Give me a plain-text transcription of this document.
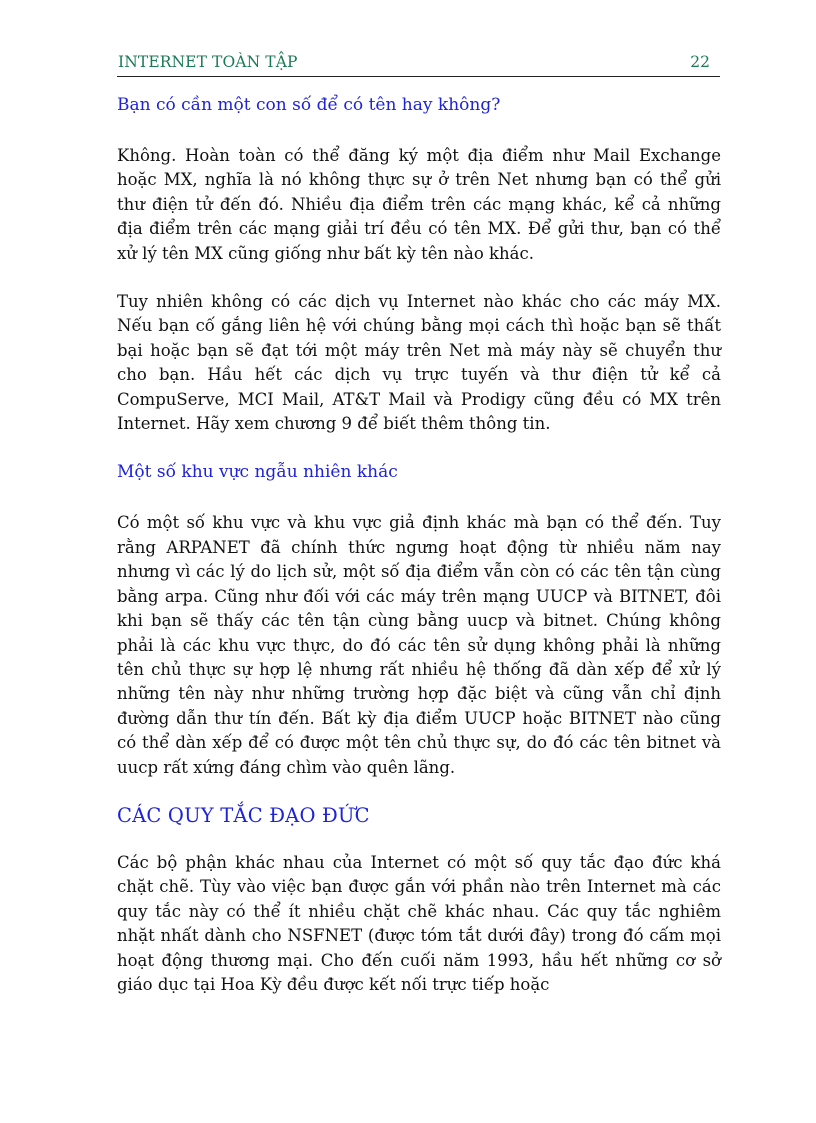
INTERNET TOÀN TẬP	22
Bạn có cần một con số để có tên hay không?

Không. Hoàn toàn có thể đăng ký một địa điểm như Mail Exchange hoặc MX, nghĩa là nó không thực sự ở trên Net nhưng bạn có thể gửi thư điện tử đến đó. Nhiều địa điểm trên các mạng khác, kể cả những địa điểm trên các mạng giải trí đều có tên MX. Để gửi thư, bạn có thể xử lý tên MX cũng giống như bất kỳ tên nào khác.

Tuy nhiên không có các dịch vụ Internet nào khác cho các máy MX. Nếu bạn cố gắng liên hệ với chúng bằng mọi cách thì hoặc bạn sẽ thất bại hoặc bạn sẽ đạt tới một máy trên Net mà máy này sẽ chuyển thư cho bạn. Hầu hết các dịch vụ trực tuyến và thư điện tử kể cả CompuServe, MCI Mail, AT&T Mail và Prodigy cũng đều có MX trên Internet. Hãy xem chương 9 để biết thêm thông tin.

Một số khu vực ngẫu nhiên khác

Có một số khu vực và khu vực giả định khác mà bạn có thể đến. Tuy rằng ARPANET đã chính thức ngưng hoạt động từ nhiều năm nay nhưng vì các lý do lịch sử, một số địa điểm vẫn còn có các tên tận cùng bằng arpa. Cũng như đối với các máy trên mạng UUCP và BITNET, đôi khi bạn sẽ thấy các tên tận cùng bằng uucp và bitnet. Chúng không phải là các khu vực thực, do đó các tên sử dụng không phải là những tên chủ thực sự hợp lệ nhưng rất nhiều hệ thống đã dàn xếp để xử lý những tên này như những trường hợp đặc biệt và cũng vẫn chỉ định đường dẫn thư tín đến. Bất kỳ địa điểm UUCP hoặc BITNET nào cũng có thể dàn xếp để có được một tên chủ thực sự, do đó các tên bitnet và uucp rất xứng đáng chìm vào quên lãng.

CÁC QUY TẮC ĐẠO ĐỨC

Các bộ phận khác nhau của Internet có một số quy tắc đạo đức khá chặt chẽ. Tùy vào việc bạn được gắn với phần nào trên Internet mà các quy tắc này có thể ít nhiều chặt chẽ khác nhau. Các quy tắc nghiêm nhặt nhất dành cho NSFNET (được tóm tắt dưới đây) trong đó cấm mọi hoạt động thương mại. Cho đến cuối năm 1993, hầu hết những cơ sở giáo dục tại Hoa Kỳ đều được kết nối trực tiếp hoặc
